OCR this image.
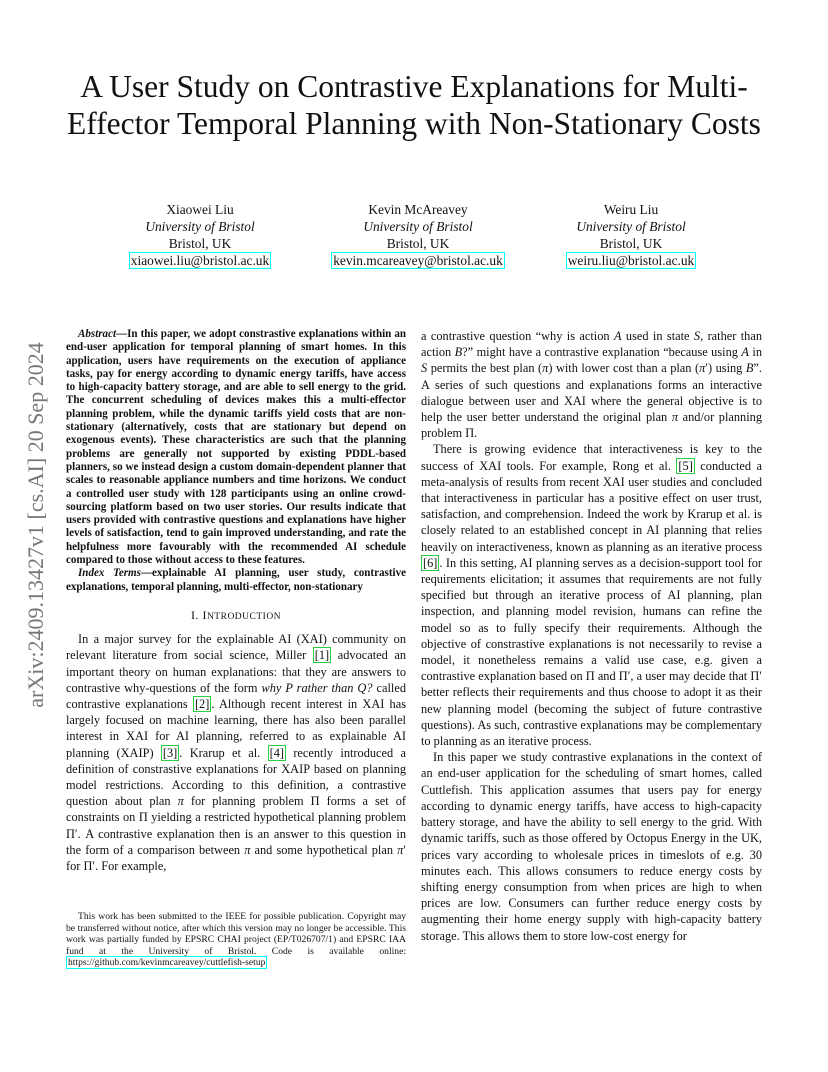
A User Study on Contrastive Explanations for Multi-Effector Temporal Planning with Non-Stationary Costs
Xiaowei Liu
University of Bristol
Bristol, UK
xiaowei.liu@bristol.ac.uk
Kevin McAreavey
University of Bristol
Bristol, UK
kevin.mcareavey@bristol.ac.uk
Weiru Liu
University of Bristol
Bristol, UK
weiru.liu@bristol.ac.uk
arXiv:2409.13427v1 [cs.AI] 20 Sep 2024

Abstract—In this paper, we adopt constrastive explanations within an end-user application for temporal planning of smart homes. In this application, users have requirements on the execution of appliance tasks, pay for energy according to dynamic energy tariffs, have access to high-capacity battery storage, and are able to sell energy to the grid. The concurrent scheduling of devices makes this a multi-effector planning problem, while the dynamic tariffs yield costs that are non-stationary (alternatively, costs that are stationary but depend on exogenous events). These characteristics are such that the planning problems are generally not supported by existing PDDL-based planners, so we instead design a custom domain-dependent planner that scales to reasonable appliance numbers and time horizons. We conduct a controlled user study with 128 participants using an online crowd-sourcing platform based on two user stories. Our results indicate that users provided with contrastive questions and explanations have higher levels of satisfaction, tend to gain improved understanding, and rate the helpfulness more favourably with the recommended AI schedule compared to those without access to these features.

Index Terms—explainable AI planning, user study, contrastive explanations, temporal planning, multi-effector, non-stationary

I. INTRODUCTION

In a major survey for the explainable AI (XAI) community on relevant literature from social science, Miller [1] advocated an important theory on human explanations: that they are answers to contrastive why-questions of the form why P rather than Q? called contrastive explanations [2] . Although recent interest in XAI has largely focused on machine learning, there has also been parallel interest in XAI for AI planning, referred to as explainable AI planning (XAIP) [3] . Krarup et al. [4] recently introduced a definition of constrastive explanations for XAIP based on planning model restrictions. According to this definition, a contrastive question about plan π for planning problem Π forms a set of constraints on Π yielding a restricted hypothetical planning problem Π′. A contrastive explanation then is an answer to this question in the form of a comparison between π and some hypothetical plan π′ for Π′. For example,

This work has been submitted to the IEEE for possible publication. Copyright may be transferred without notice, after which this version may no longer be accessible. This work was partially funded by EPSRC CHAI project (EP/T026707/1) and EPSRC IAA fund at the University of Bristol. Code is available online: https://github.com/kevinmcareavey/cuttlefish-setup

a contrastive question “why is action A used in state S, rather than action B?” might have a contrastive explanation “because using A in S permits the best plan (π) with lower cost than a plan (π′) using B”. A series of such questions and explanations forms an interactive dialogue between user and XAI where the general objective is to help the user better understand the original plan π and/or planning problem Π.

There is growing evidence that interactiveness is key to the success of XAI tools. For example, Rong et al. [5] conducted a meta-analysis of results from recent XAI user studies and concluded that interactiveness in particular has a positive effect on user trust, satisfaction, and comprehension. Indeed the work by Krarup et al. is closely related to an established concept in AI planning that relies heavily on interactiveness, known as planning as an iterative process [6] . In this setting, AI planning serves as a decision-support tool for requirements elicitation; it assumes that requirements are not fully specified but through an iterative process of AI planning, plan inspection, and planning model revision, humans can refine the model so as to fully specify their requirements. Although the objective of constrastive explanations is not necessarily to revise a model, it nonetheless remains a valid use case, e.g. given a contrastive explanation based on Π and Π′, a user may decide that Π′ better reflects their requirements and thus choose to adopt it as their new planning model (becoming the subject of future contrastive questions). As such, contrastive explanations may be complementary to planning as an iterative process.

In this paper we study contrastive explanations in the context of an end-user application for the scheduling of smart homes, called Cuttlefish. This application assumes that users pay for energy according to dynamic energy tariffs, have access to high-capacity battery storage, and have the ability to sell energy to the grid. With dynamic tariffs, such as those offered by Octopus Energy in the UK, prices vary according to wholesale prices in timeslots of e.g. 30 minutes each. This allows consumers to reduce energy costs by shifting energy consumption from when prices are high to when prices are low. Consumers can further reduce energy costs by augmenting their home energy supply with high-capacity battery storage. This allows them to store low-cost energy for
